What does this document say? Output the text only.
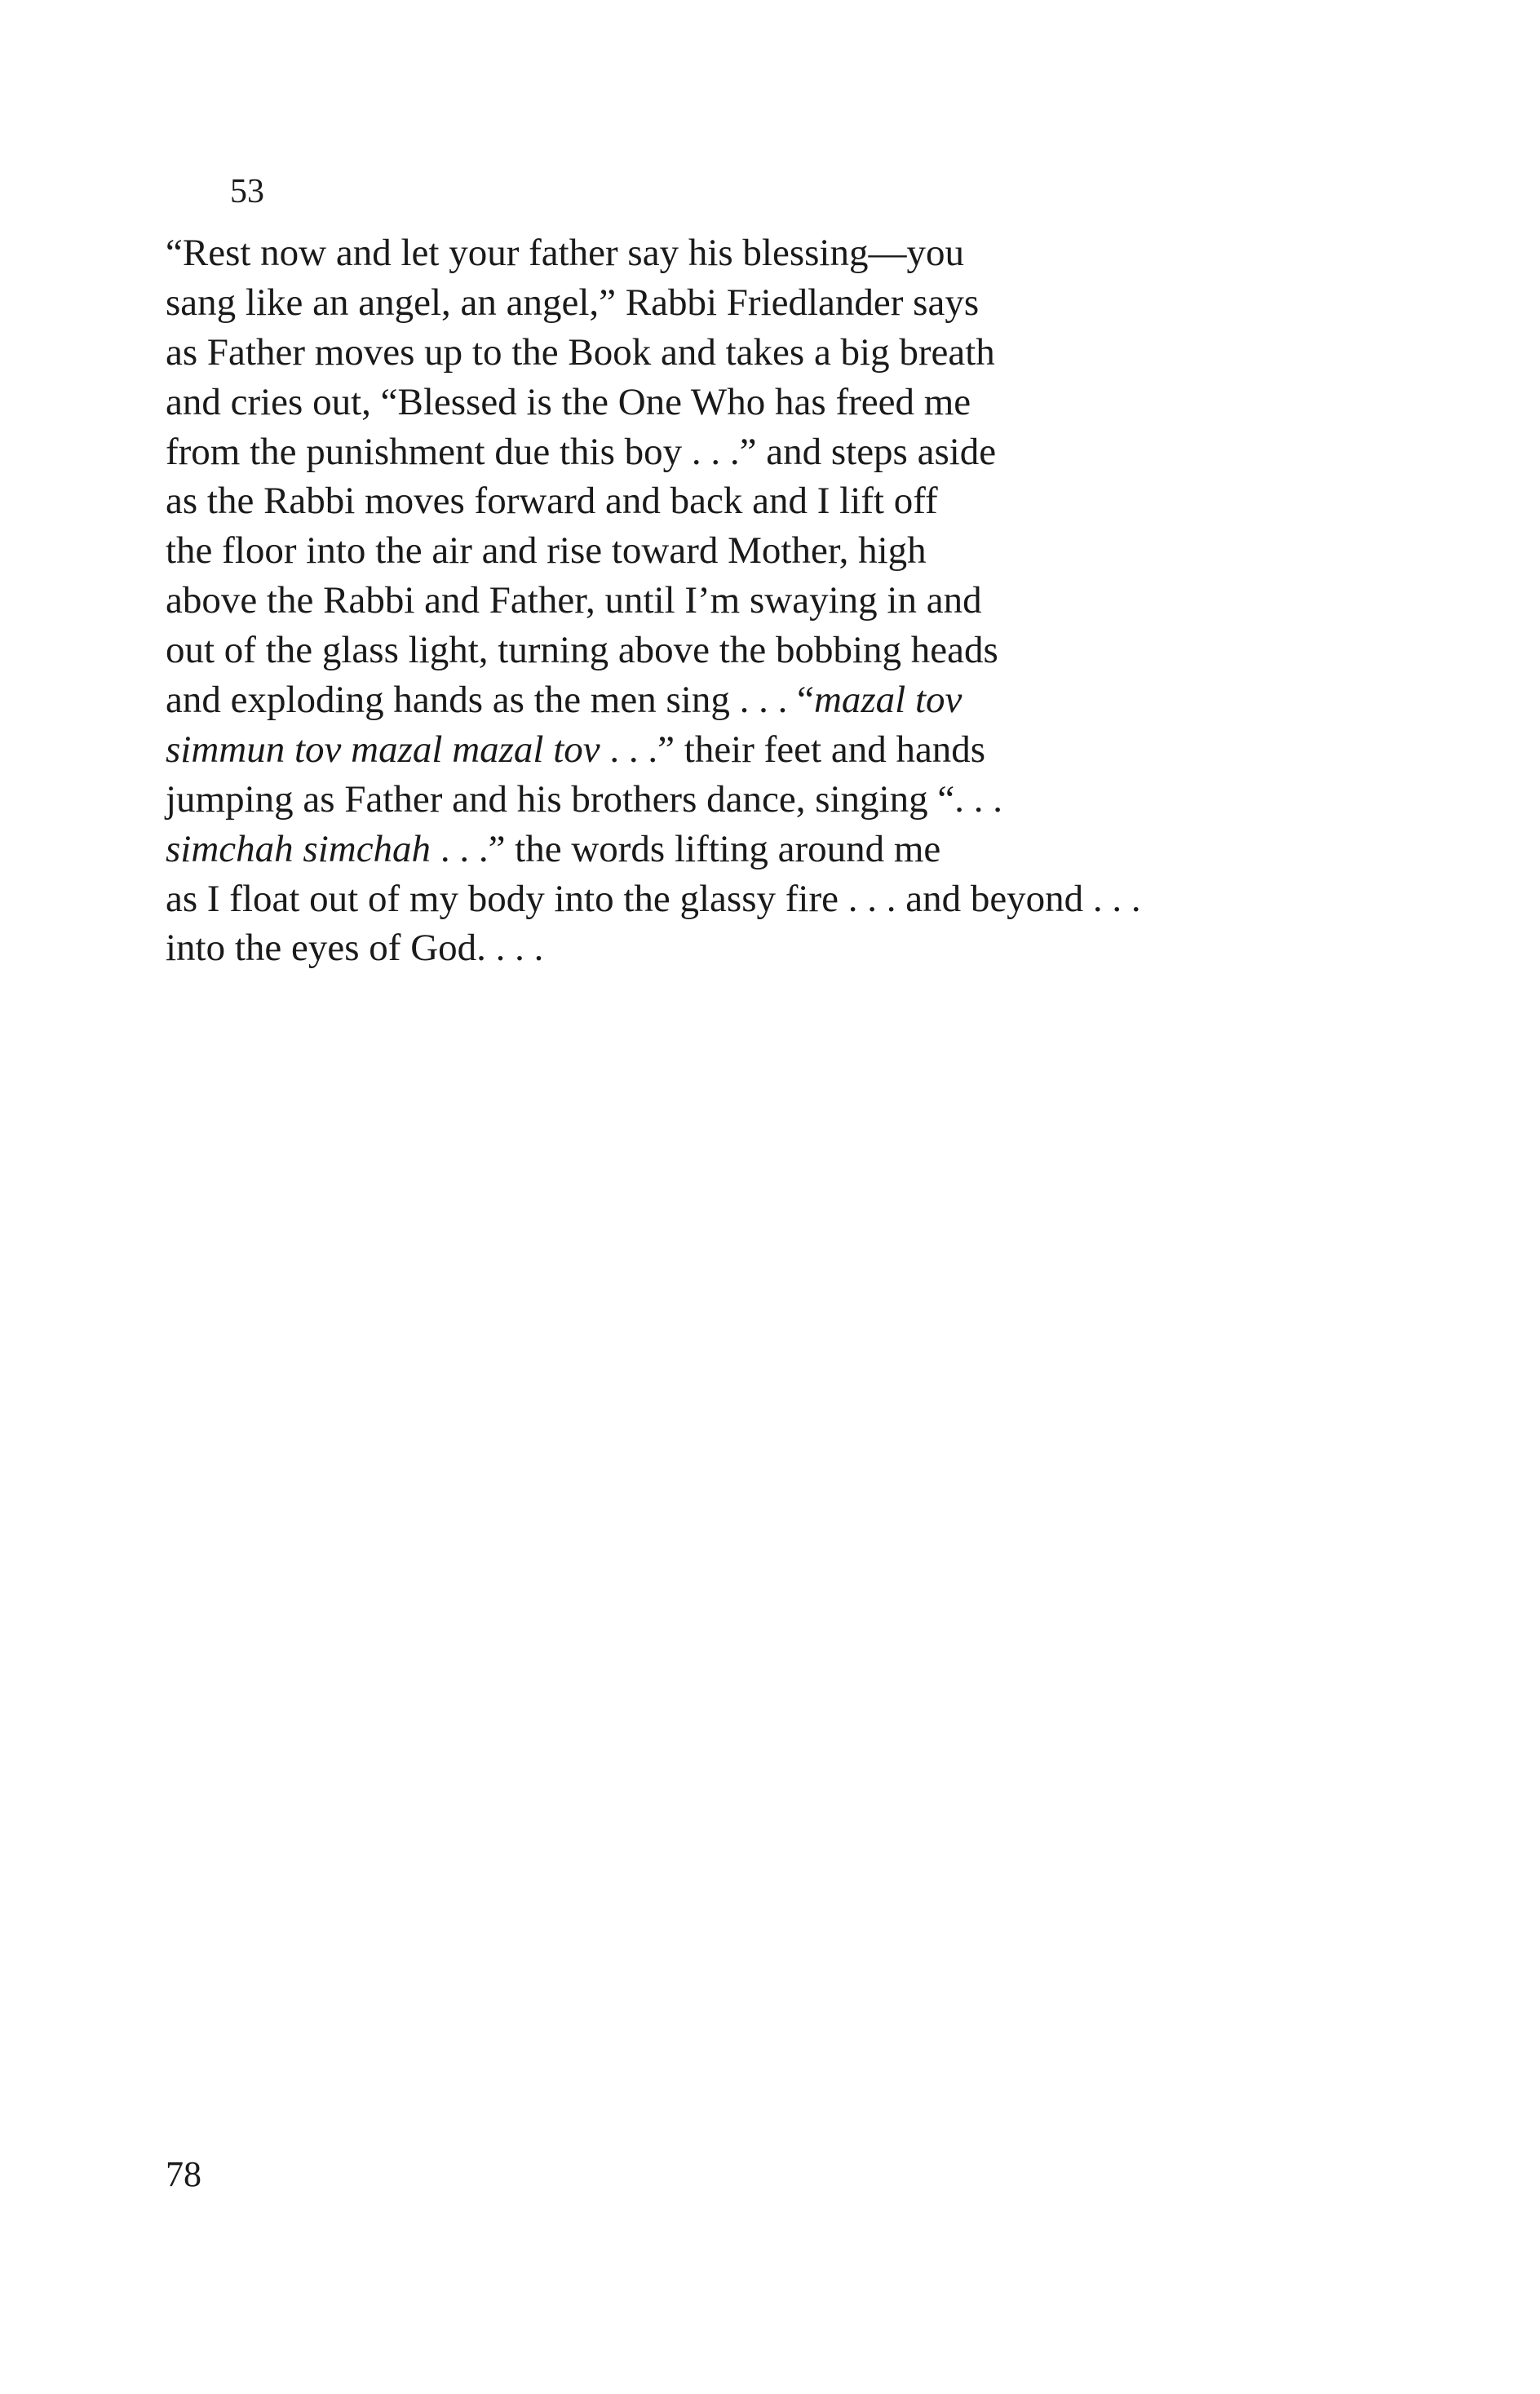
53

“Rest now and let your father say his blessing—you
sang like an angel, an angel,” Rabbi Friedlander says
as Father moves up to the Book and takes a big breath
and cries out, “Blessed is the One Who has freed me
from the punishment due this boy . . .” and steps aside
as the Rabbi moves forward and back and I lift off
the floor into the air and rise toward Mother, high
above the Rabbi and Father, until I’m swaying in and
out of the glass light, turning above the bobbing heads
and exploding hands as the men sing . . . “mazal tov
simmun tov mazal mazal tov . . .” their feet and hands
jumping as Father and his brothers dance, singing “. . .
simchah simchah . . .” the words lifting around me
as I float out of my body into the glassy fire . . . and beyond . . .
into the eyes of God. . . .

78
